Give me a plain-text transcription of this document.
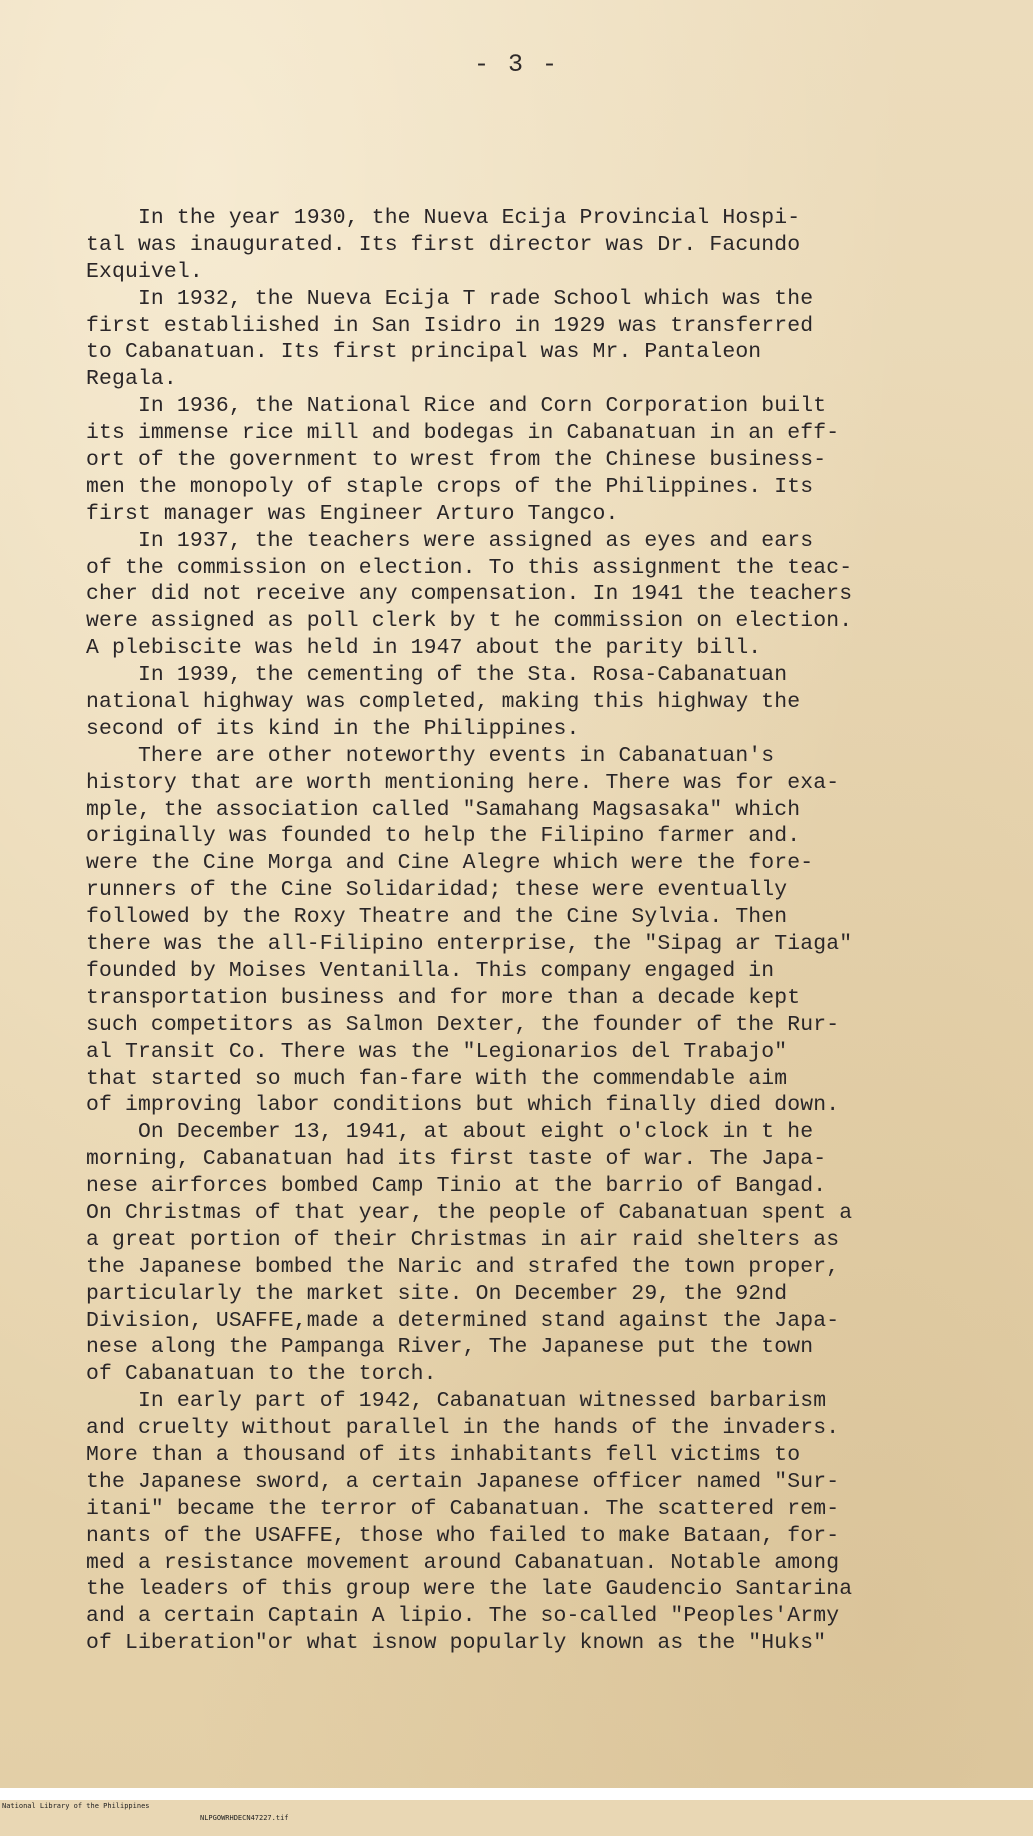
- 3 -
In the year 1930, the Nueva Ecija Provincial Hospi-
tal was inaugurated. Its first director was Dr. Facundo
Exquivel.
In 1932, the Nueva Ecija T rade School which was the
first establiished in San Isidro in 1929 was transferred
to Cabanatuan. Its first principal was Mr. Pantaleon
Regala.
In 1936, the National Rice and Corn Corporation built
its immense rice mill and bodegas in Cabanatuan in an eff-
ort of the government to wrest from the Chinese business-
men the monopoly of staple crops of the Philippines. Its
first manager was Engineer Arturo Tangco.
In 1937, the teachers were assigned as eyes and ears
of the commission on election. To this assignment the teac-
cher did not receive any compensation. In 1941 the teachers
were assigned as poll clerk by t he commission on election.
A plebiscite was held in 1947 about the parity bill.
In 1939, the cementing of the Sta. Rosa-Cabanatuan
national highway was completed, making this highway the
second of its kind in the Philippines.
There are other noteworthy events in Cabanatuan's
history that are worth mentioning here. There was for exa-
mple, the association called "Samahang Magsasaka" which
originally was founded to help the Filipino farmer and.
were the Cine Morga and Cine Alegre which were the fore-
runners of the Cine Solidaridad; these were eventually
followed by the Roxy Theatre and the Cine Sylvia. Then
there was the all-Filipino enterprise, the "Sipag ar Tiaga"
founded by Moises Ventanilla. This company engaged in
transportation business and for more than a decade kept
such competitors as Salmon Dexter, the founder of the Rur-
al Transit Co. There was the "Legionarios del Trabajo"
that started so much fan-fare with the commendable aim
of improving labor conditions but which finally died down.
On December 13, 1941, at about eight o'clock in t he
morning, Cabanatuan had its first taste of war. The Japa-
nese airforces bombed Camp Tinio at the barrio of Bangad.
On Christmas of that year, the people of Cabanatuan spent a
a great portion of their Christmas in air raid shelters as
the Japanese bombed the Naric and strafed the town proper,
particularly the market site. On December 29, the 92nd
Division, USAFFE,made a determined stand against the Japa-
nese along the Pampanga River, The Japanese put the town
of Cabanatuan to the torch.
In early part of 1942, Cabanatuan witnessed barbarism
and cruelty without parallel in the hands of the invaders.
More than a thousand of its inhabitants fell victims to
the Japanese sword, a certain Japanese officer named "Sur-
itani" became the terror of Cabanatuan. The scattered rem-
nants of the USAFFE, those who failed to make Bataan, for-
med a resistance movement around Cabanatuan. Notable among
the leaders of this group were the late Gaudencio Santarina
and a certain Captain A lipio. The so-called "Peoples'Army
of Liberation"or what isnow popularly known as the "Huks"

National Library of the Philippines

NLPGOWRHDECN47227.tif
